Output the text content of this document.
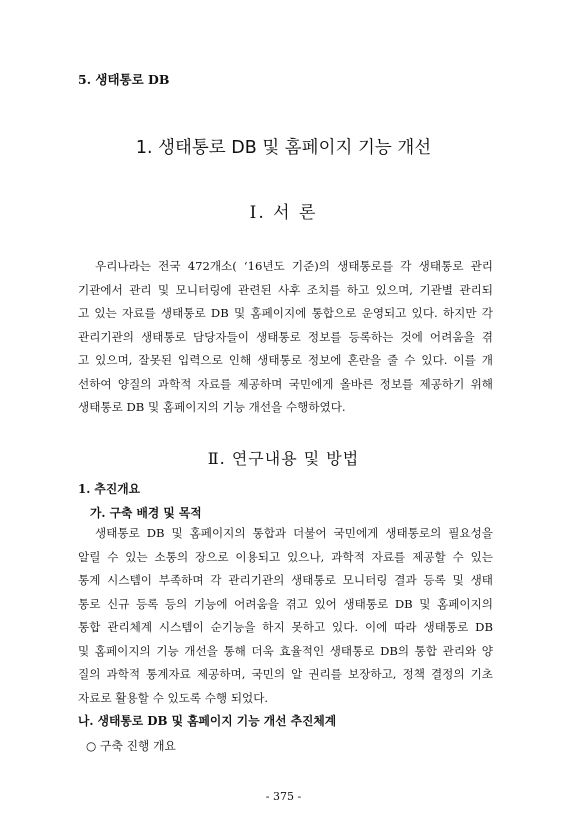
5. 생태통로 DB

1. 생태통로 DB 및 홈페이지 기능 개선
Ⅰ. 서 론
우리나라는 전국 472개소( ‘16년도 기준)의 생태통로를 각 생태통로 관리
기관에서 관리 및 모니터링에 관련된 사후 조치를 하고 있으며, 기관별 관리되
고 있는 자료를 생태통로 DB 및 홈페이지에 통합으로 운영되고 있다. 하지만 각
관리기관의 생태통로 담당자들이 생태통로 정보를 등록하는 것에 어려움을 겪
고 있으며, 잘못된 입력으로 인해 생태통로 정보에 혼란을 줄 수 있다. 이를 개
선하여 양질의 과학적 자료를 제공하며 국민에게 올바른 정보를 제공하기 위해
생태통로 DB 및 홈페이지의 기능 개선을 수행하였다.
Ⅱ. 연구내용 및 방법

1. 추진개요

가. 구축 배경 및 목적

생태통로 DB 및 홈페이지의 통합과 더불어 국민에게 생태통로의 필요성을
알릴 수 있는 소통의 장으로 이용되고 있으나, 과학적 자료를 제공할 수 있는
통계 시스템이 부족하며 각 관리기관의 생태통로 모니터링 결과 등록 및 생태
통로 신규 등록 등의 기능에 어려움을 겪고 있어 생태통로 DB 및 홈페이지의
통합 관리체계 시스템이 순기능을 하지 못하고 있다. 이에 따라 생태통로 DB
및 홈페이지의 기능 개선을 통해 더욱 효율적인 생태통로 DB의 통합 관리와 양
질의 과학적 통계자료 제공하며, 국민의 알 권리를 보장하고, 정책 결정의 기초
자료로 활용할 수 있도록 수행 되었다.

나. 생태통로 DB 및 홈페이지 기능 개선 추진체계

○ 구축 진행 개요

- 375 -
